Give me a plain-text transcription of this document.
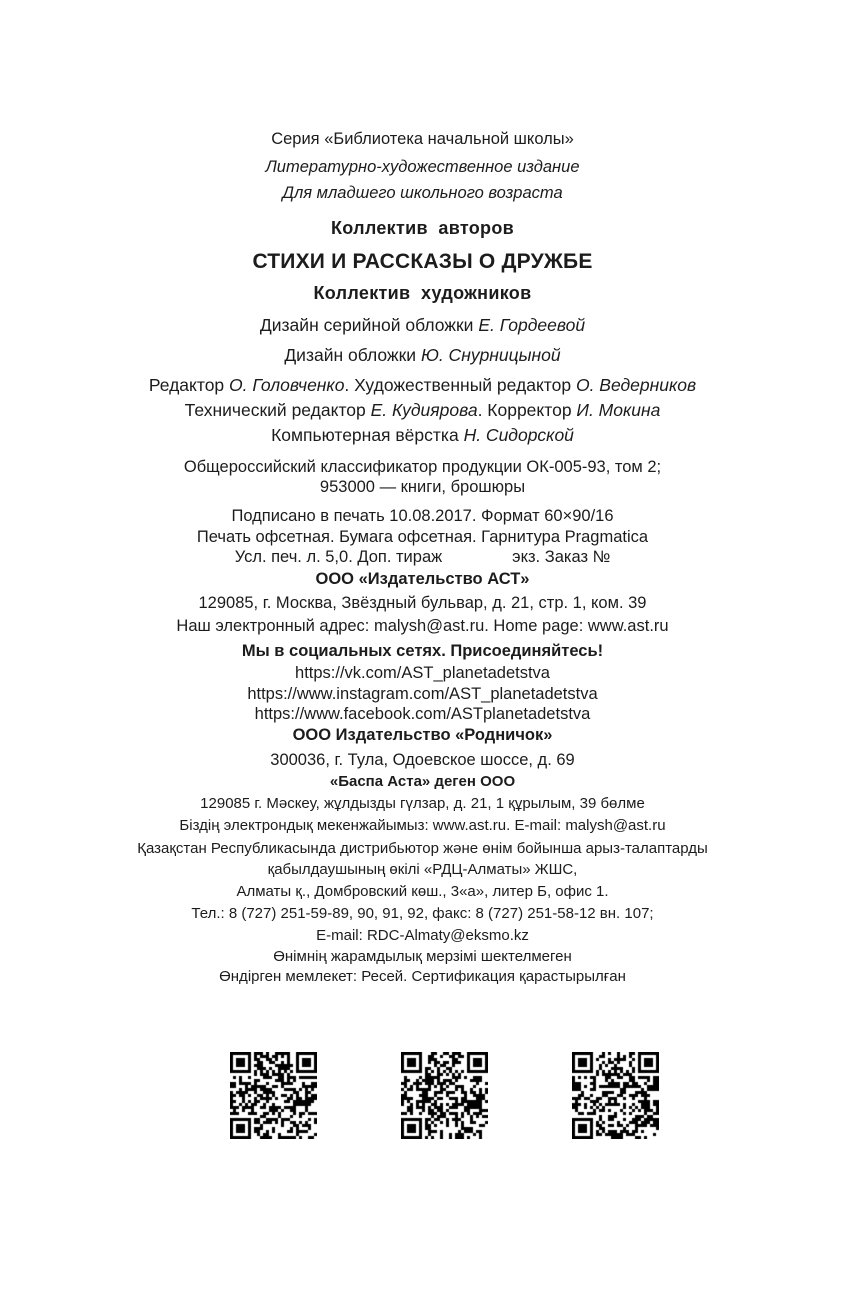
Серия «Библиотека начальной школы»
Литературно-художественное издание
Для младшего школьного возраста
Коллектив  авторов
СТИХИ И РАССКАЗЫ О ДРУЖБЕ
Коллектив  художников
Дизайн серийной обложки Е. Гордеевой
Дизайн обложки Ю. Снурницыной
Редактор О. Головченко. Художественный редактор О. Ведерников
Технический редактор Е. Кудиярова. Корректор И. Мокина
Компьютерная вёрстка Н. Сидорской
Общероссийский классификатор продукции ОК-005-93, том 2;
953000 — книги, брошюры
Подписано в печать 10.08.2017. Формат 60×90/16
Печать офсетная. Бумага офсетная. Гарнитура Pragmatica
Усл. печ. л. 5,0. Доп. тираж	экз. Заказ №
ООО «Издательство АСТ»
129085, г. Москва, Звёздный бульвар, д. 21, стр. 1, ком. 39
Наш электронный адрес: malysh@ast.ru. Home page: www.ast.ru
Мы в социальных сетях. Присоединяйтесь!
https://vk.com/AST_planetadetstva
https://www.instagram.com/AST_planetadetstva
https://www.facebook.com/ASTplanetadetstva
ООО Издательство «Родничок»
300036, г. Тула, Одоевское шоссе, д. 69
«Баспа Аста» деген ООО
129085 г. Мәскеу, жұлдызды гүлзар, д. 21, 1 құрылым, 39 бөлме
Біздің электрондық мекенжайымыз: www.ast.ru. E-mail: malysh@ast.ru
Қазақстан Республикасында дистрибьютор және өнім бойынша арыз-талаптарды
қабылдаушының өкілі «РДЦ-Алматы» ЖШС,
Алматы қ., Домбровский көш., 3«а», литер Б, офис 1.
Тел.: 8 (727) 251-59-89, 90, 91, 92, факс: 8 (727) 251-58-12 вн. 107;
E-mail: RDC-Almaty@eksmo.kz
Өнімнің жарамдылық мерзімі шектелмеген
Өндірген мемлекет: Ресей. Сертификация қарастырылған
